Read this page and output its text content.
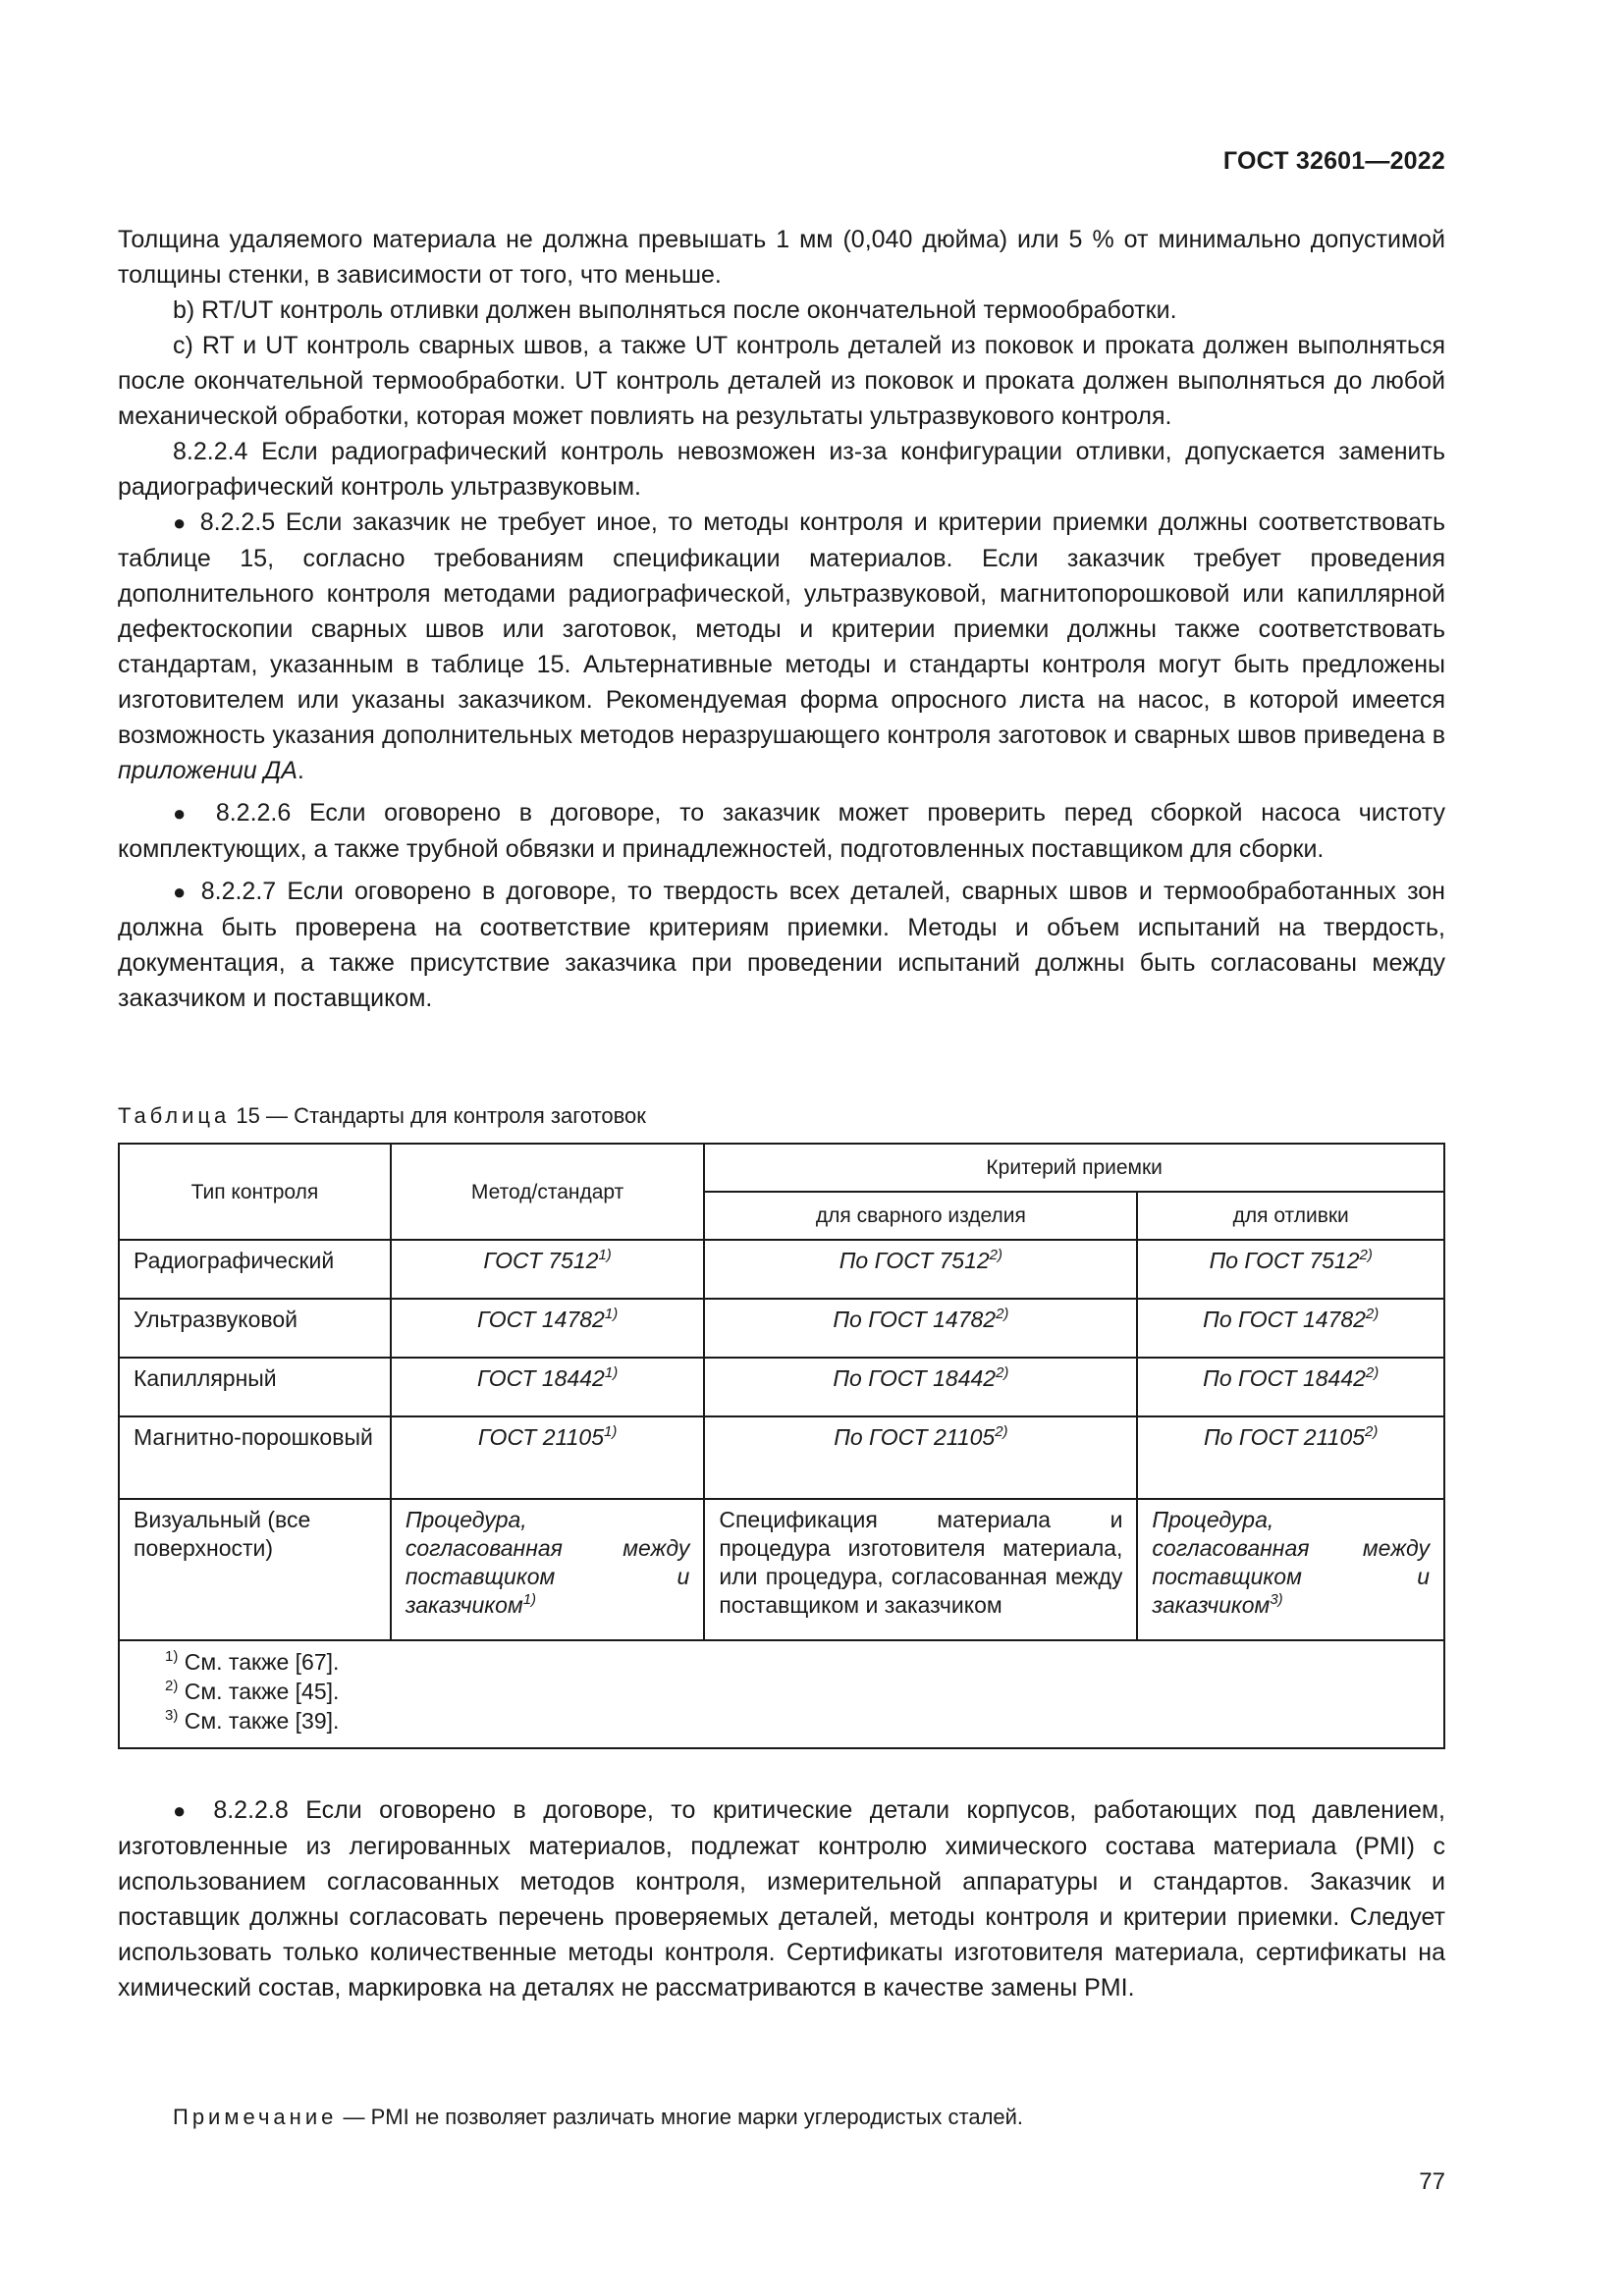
ГОСТ 32601—2022

Толщина удаляемого материала не должна превышать 1 мм (0,040 дюйма) или 5 % от минимально допустимой толщины стенки, в зависимости от того, что меньше.

b) RT/UT контроль отливки должен выполняться после окончательной термообработки.

c) RT и UT контроль сварных швов, а также UT контроль деталей из поковок и проката должен выполняться после окончательной термообработки. UT контроль деталей из поковок и проката должен выполняться до любой механической обработки, которая может повлиять на результаты ультразвукового контроля.

8.2.2.4 Если радиографический контроль невозможен из-за конфигурации отливки, допускается заменить радиографический контроль ультразвуковым.

● 8.2.2.5 Если заказчик не требует иное, то методы контроля и критерии приемки должны соответствовать таблице 15, согласно требованиям спецификации материалов. Если заказчик требует проведения дополнительного контроля методами радиографической, ультразвуковой, магнитопорошковой или капиллярной дефектоскопии сварных швов или заготовок, методы и критерии приемки должны также соответствовать стандартам, указанным в таблице 15. Альтернативные методы и стандарты контроля могут быть предложены изготовителем или указаны заказчиком. Рекомендуемая форма опросного листа на насос, в которой имеется возможность указания дополнительных методов неразрушающего контроля заготовок и сварных швов приведена в приложении ДА.

● 8.2.2.6 Если оговорено в договоре, то заказчик может проверить перед сборкой насоса чистоту комплектующих, а также трубной обвязки и принадлежностей, подготовленных поставщиком для сборки.

● 8.2.2.7 Если оговорено в договоре, то твердость всех деталей, сварных швов и термообработанных зон должна быть проверена на соответствие критериям приемки. Методы и объем испытаний на твердость, документация, а также присутствие заказчика при проведении испытаний должны быть согласованы между заказчиком и поставщиком.

Таблица 15 — Стандарты для контроля заготовок
Тип контроля	Метод/стандарт	Критерий приемки	
		для сварного изделия	для отливки
Радиографический	ГОСТ 7512$^{1)}$	По ГОСТ 7512$^{2)}$	По ГОСТ 7512$^{2)}$
Ультразвуковой	ГОСТ 14782$^{1)}$	По ГОСТ 14782$^{2)}$	По ГОСТ 14782$^{2)}$
Капиллярный	ГОСТ 18442$^{1)}$	По ГОСТ 18442$^{2)}$	По ГОСТ 18442$^{2)}$
Магнитно-порошковый	ГОСТ 21105$^{1)}$	По ГОСТ 21105$^{2)}$	По ГОСТ 21105$^{2)}$
Визуальный (все поверхности)	Процедура, согласованная между поставщиком и заказчиком$^{1)}$	Спецификация материала и процедура изготовителя материала, или процедура, согласованная между поставщиком и заказчиком	Процедура, согласованная между поставщиком и заказчиком$^{3)}$

$^{1)}$ См. также [67].
$^{2)}$ См. также [45].
$^{3)}$ См. также [39].			

● 8.2.2.8 Если оговорено в договоре, то критические детали корпусов, работающих под давлением, изготовленные из легированных материалов, подлежат контролю химического состава материала (PMI) с использованием согласованных методов контроля, измерительной аппаратуры и стандартов. Заказчик и поставщик должны согласовать перечень проверяемых деталей, методы контроля и критерии приемки. Следует использовать только количественные методы контроля. Сертификаты изготовителя материала, сертификаты на химический состав, маркировка на деталях не рассматриваются в качестве замены PMI.

Примечание — PMI не позволяет различать многие марки углеродистых сталей.
77
